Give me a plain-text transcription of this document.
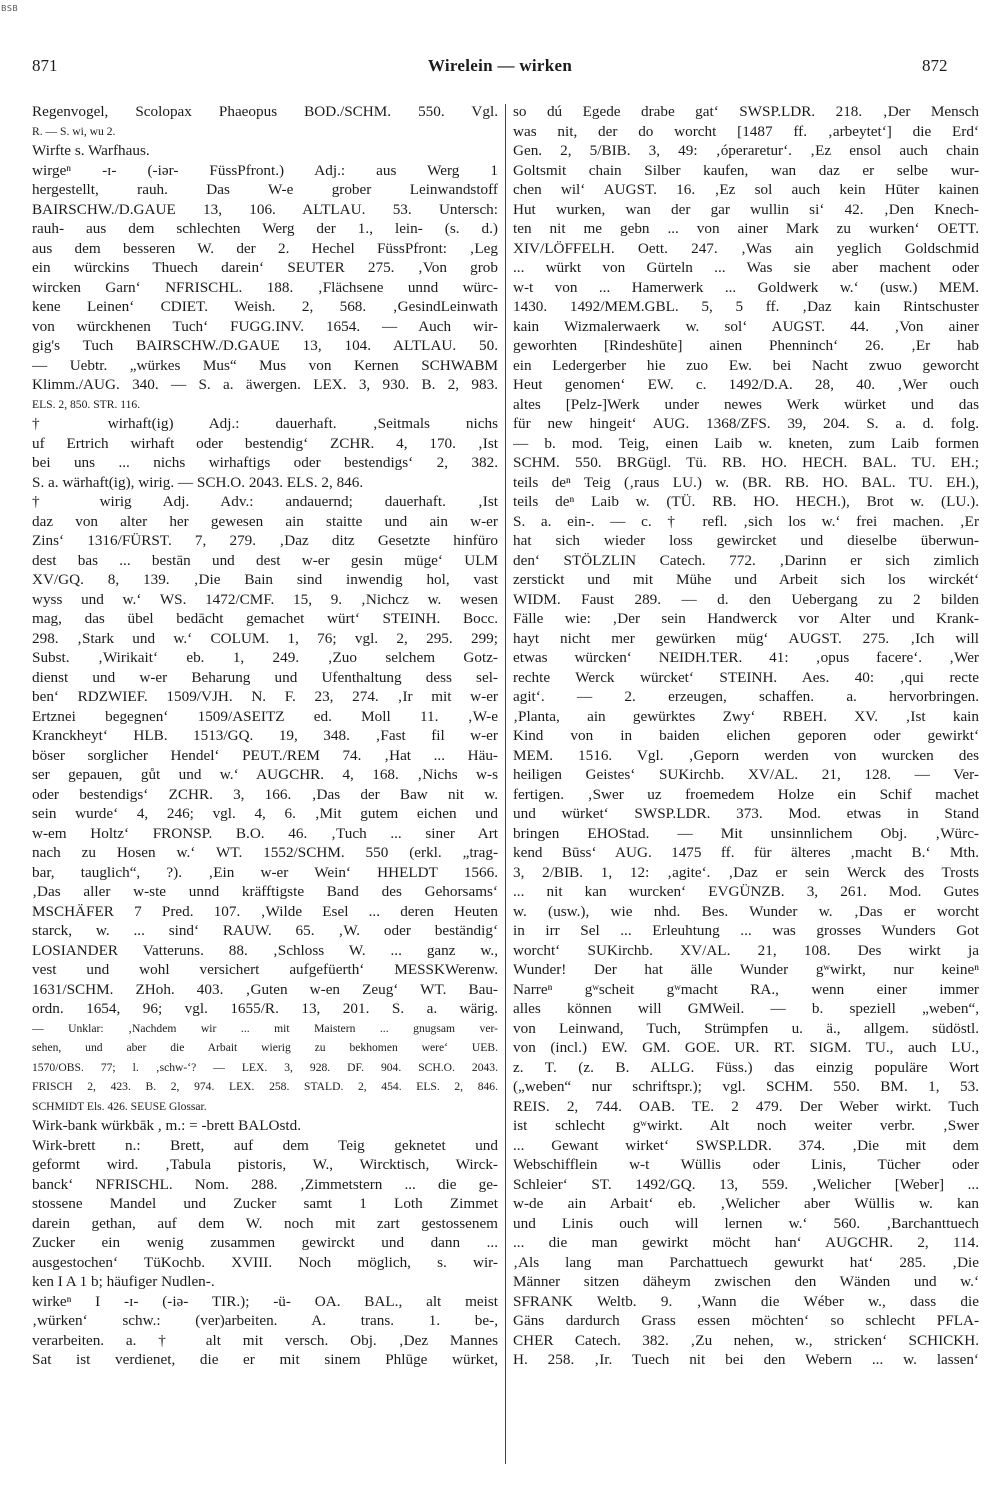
BSB
871	Wirelein — wirken	872
Regenvogel, Scolopax Phaeopus BOD./SCHM. 550. Vgl.
R. — S. wi, wu 2.
Wirfte s. Warfhaus.
wirgeⁿ -ɪ- (-iər- FüssPfront.) Adj.: aus Werg 1
hergestellt, rauh. Das W-e grober Leinwandstoff
BAIRSCHW./D.GAUE 13, 106. ALTLAU. 53. Untersch:
rauh- aus dem schlechten Werg der 1., lein- (s. d.)
aus dem besseren W. der 2. Hechel FüssPfront: ‚Leg
ein würckins Thuech darein‘ SEUTER 275. ‚Von grob
wircken Garn‘ NFRISCHL. 188. ‚Flächsene unnd würc-
kene Leinen‘ CDIET. Weish. 2, 568. ‚GesindLeinwath
von würckhenen Tuch‘ FUGG.INV. 1654. — Auch wir-
gig's Tuch BAIRSCHW./D.GAUE 13, 104. ALTLAU. 50.
— Uebtr. „würkes Mus“ Mus von Kernen SCHWABM
Klimm./AUG. 340. — S. a. äwergen. LEX. 3, 930. B. 2, 983.
ELS. 2, 850. STR. 116.
† wirhaft(ig) Adj.: dauerhaft. ‚Seitmals nichs
uf Ertrich wirhaft oder bestendig‘ ZCHR. 4, 170. ‚Ist
bei uns ... nichs wirhaftigs oder bestendigs‘ 2, 382.
S. a. wärhaft(ig), wirig. — SCH.O. 2043. ELS. 2, 846.
† wirig Adj. Adv.: andauernd; dauerhaft. ‚Ist
daz von alter her gewesen ain staitte und ain w-er
Zins‘ 1316/FÜRST. 7, 279. ‚Daz ditz Gesetzte hinfüro
dest bas ... bestān und dest w-er gesin müge‘ ULM
XV/GQ. 8, 139. ‚Die Bain sind inwendig hol, vast
wyss und w.‘ WS. 1472/CMF. 15, 9. ‚Nichcz w. wesen
mag, das übel bedācht gemachet würt‘ STEINH. Bocc.
298. ‚Stark und w.‘ COLUM. 1, 76; vgl. 2, 295. 299;
Subst. ‚Wirikait‘ eb. 1, 249. ‚Zuo selchem Gotz-
dienst und w-er Beharung und Ufenthaltung dess sel-
ben‘ RDZWIEF. 1509/VJH. N. F. 23, 274. ‚Ir mit w-er
Ertznei begegnen‘ 1509/ASEITZ ed. Moll 11. ‚W-e
Kranckheyt‘ HLB. 1513/GQ. 19, 348. ‚Fast fil w-er
böser sorglicher Hendel‘ PEUT./REM 74. ‚Hat ... Häu-
ser gepauen, gůt und w.‘ AUGCHR. 4, 168. ‚Nichs w-s
oder bestendigs‘ ZCHR. 3, 166. ‚Das der Baw nit w.
sein wurde‘ 4, 246; vgl. 4, 6. ‚Mit gutem eichen und
w-em Holtz‘ FRONSP. B.O. 46. ‚Tuch ... siner Art
nach zu Hosen w.‘ WT. 1552/SCHM. 550 (erkl. „trag-
bar, tauglich“, ?). ‚Ein w-er Wein‘ HHELDT 1566.
‚Das aller w-ste unnd kräfftigste Band des Gehorsams‘
MSCHÄFER 7 Pred. 107. ‚Wilde Esel ... deren Heuten
starck, w. ... sind‘ RAUW. 65. ‚W. oder beständig‘
LOSIANDER Vatteruns. 88. ‚Schloss W. ... ganz w.,
vest und wohl versichert aufgefüerth‘ MESSKWerenw.
1631/SCHM. ZHoh. 403. ‚Guten w-en Zeug‘ WT. Bau-
ordn. 1654, 96; vgl. 1655/R. 13, 201. S. a. wärig.
— Unklar: ‚Nachdem wir ... mit Maistern ... gnugsam ver-
sehen, und aber die Arbait wierig zu bekhomen were‘ UEB.
1570/OBS. 77; l. ‚schw-‘? — LEX. 3, 928. DF. 904. SCH.O. 2043.
FRISCH 2, 423. B. 2, 974. LEX. 258. STALD. 2, 454. ELS. 2, 846.
SCHMIDT Els. 426. SEUSE Glossar.
Wirk-bank würkbāk , m.: = -brett BALOstd.
Wirk-brett n.: Brett, auf dem Teig geknetet und
geformt wird. ‚Tabula pistoris, W., Wircktisch, Wirck-
banck‘ NFRISCHL. Nom. 288. ‚Zimmetstern ... die ge-
stossene Mandel und Zucker samt 1 Loth Zimmet
darein gethan, auf dem W. noch mit zart gestossenem
Zucker ein wenig zusammen gewirckt und dann ...
ausgestochen‘ TüKochb. XVIII. Noch möglich, s. wir-
ken I A 1 b; häufiger Nudlen-.
wirkeⁿ I -ɪ- (-iə- TIR.); -ü- OA. BAL., alt meist
‚würken‘ schw.: (ver)arbeiten. A. trans. 1. be-,
verarbeiten. a. † alt mit versch. Obj. ‚Dez Mannes
Sat ist verdienet, die er mit sinem Phlūge würket,
so dú Egede drabe gat‘ SWSP.LDR. 218. ‚Der Mensch
was nit, der do worcht [1487 ff. ‚arbeytet‘] die Erd‘
Gen. 2, 5/BIB. 3, 49: ‚óperaretur‘. ‚Ez ensol auch chain
Goltsmit chain Silber kaufen, wan daz er selbe wur-
chen wil‘ AUGST. 16. ‚Ez sol auch kein Hūter kainen
Hut wurken, wan der gar wullin si‘ 42. ‚Den Knech-
ten nit me gebn ... von ainer Mark zu wurken‘ OETT.
XIV/LÖFFELH. Oett. 247. ‚Was ain yeglich Goldschmid
... würkt von Gürteln ... Was sie aber machent oder
w-t von ... Hamerwerk ... Goldwerk w.‘ (usw.) MEM.
1430. 1492/MEM.GBL. 5, 5 ff. ‚Daz kain Rintschuster
kain Wizmalerwaerk w. sol‘ AUGST. 44. ‚Von ainer
geworhten [Rindeshūte] ainen Phenninch‘ 26. ‚Er hab
ein Ledergerber hie zuo Ew. bei Nacht zwuo geworcht
Heut genomen‘ EW. c. 1492/D.A. 28, 40. ‚Wer ouch
altes [Pelz-]Werk under newes Werk würket und das
für new hingeit‘ AUG. 1368/ZFS. 39, 204. S. a. d. folg.
— b. mod. Teig, einen Laib w. kneten, zum Laib formen
SCHM. 550. BRGügl. Tü. RB. HO. HECH. BAL. TU. EH.;
teils deⁿ Teig (‚raus LU.) w. (BR. RB. HO. BAL. TU. EH.),
teils deⁿ Laib w. (TÜ. RB. HO. HECH.), Brot w. (LU.).
S. a. ein-. — c. † refl. ‚sich los w.‘ frei machen. ‚Er
hat sich wieder loss gewircket und dieselbe überwun-
den‘ STÖLZLIN Catech. 772. ‚Darinn er sich zimlich
zerstickt und mit Mühe und Arbeit sich los wirckét‘
WIDM. Faust 289. — d. den Uebergang zu 2 bilden
Fälle wie: ‚Der sein Handwerck vor Alter und Krank-
hayt nicht mer gewürken müg‘ AUGST. 275. ‚Ich will
etwas würcken‘ NEIDH.TER. 41: ‚opus facere‘. ‚Wer
rechte Werck würcket‘ STEINH. Aes. 40: ‚qui recte
agit‘. — 2. erzeugen, schaffen. a. hervorbringen.
‚Planta, ain gewürktes Zwy‘ RBEH. XV. ‚Ist kain
Kind von in baiden elichen geporen oder gewirkt‘
MEM. 1516. Vgl. ‚Geporn werden von wurcken des
heiligen Geistes‘ SUKirchb. XV/AL. 21, 128. — Ver-
fertigen. ‚Swer uz froemedem Holze ein Schif machet
und würket‘ SWSP.LDR. 373. Mod. etwas in Stand
bringen EHOStad. — Mit unsinnlichem Obj. ‚Würc-
kend Būss‘ AUG. 1475 ff. für älteres ‚macht B.‘ Mth.
3, 2/BIB. 1, 12: ‚agite‘. ‚Daz er sein Werck des Trosts
... nit kan wurcken‘ EVGÜNZB. 3, 261. Mod. Gutes
w. (usw.), wie nhd. Bes. Wunder w. ‚Das er worcht
in irr Sel ... Erleuhtung ... was grosses Wunders Got
worcht‘ SUKirchb. XV/AL. 21, 108. Des wirkt ja
Wunder! Der hat älle Wunder gʷwirkt, nur keineⁿ
Narreⁿ gʷscheit gʷmacht RA., wenn einer immer
alles können will GMWeil. — b. speziell „weben“,
von Leinwand, Tuch, Strümpfen u. ä., allgem. südöstl.
von (incl.) EW. GM. GOE. UR. RT. SIGM. TU., auch LU.,
z. T. (z. B. ALLG. Füss.) das einzig populäre Wort
(„weben“ nur schriftspr.); vgl. SCHM. 550. BM. 1, 53.
REIS. 2, 744. OAB. TE. 2 479. Der Weber wirkt. Tuch
ist schlecht gʷwirkt. Alt noch weiter verbr. ‚Swer
... Gewant wirket‘ SWSP.LDR. 374. ‚Die mit dem
Webschifflein w-t Wüllis oder Linis, Tücher oder
Schleier‘ ST. 1492/GQ. 13, 559. ‚Welicher [Weber] ...
w-de ain Arbait‘ eb. ‚Welicher aber Wüllis w. kan
und Linis ouch will lernen w.‘ 560. ‚Barchanttuech
... die man gewirkt möcht han‘ AUGCHR. 2, 114.
‚Als lang man Parchattuech gewurkt hat‘ 285. ‚Die
Männer sitzen däheym zwischen den Wänden und w.‘
SFRANK Weltb. 9. ‚Wann die Wéber w., dass die
Gäns dardurch Grass essen möchten‘ so schlecht PFLA-
CHER Catech. 382. ‚Zu nehen, w., stricken‘ SCHICKH.
H. 258. ‚Ir. Tuech nit bei den Webern ... w. lassen‘
